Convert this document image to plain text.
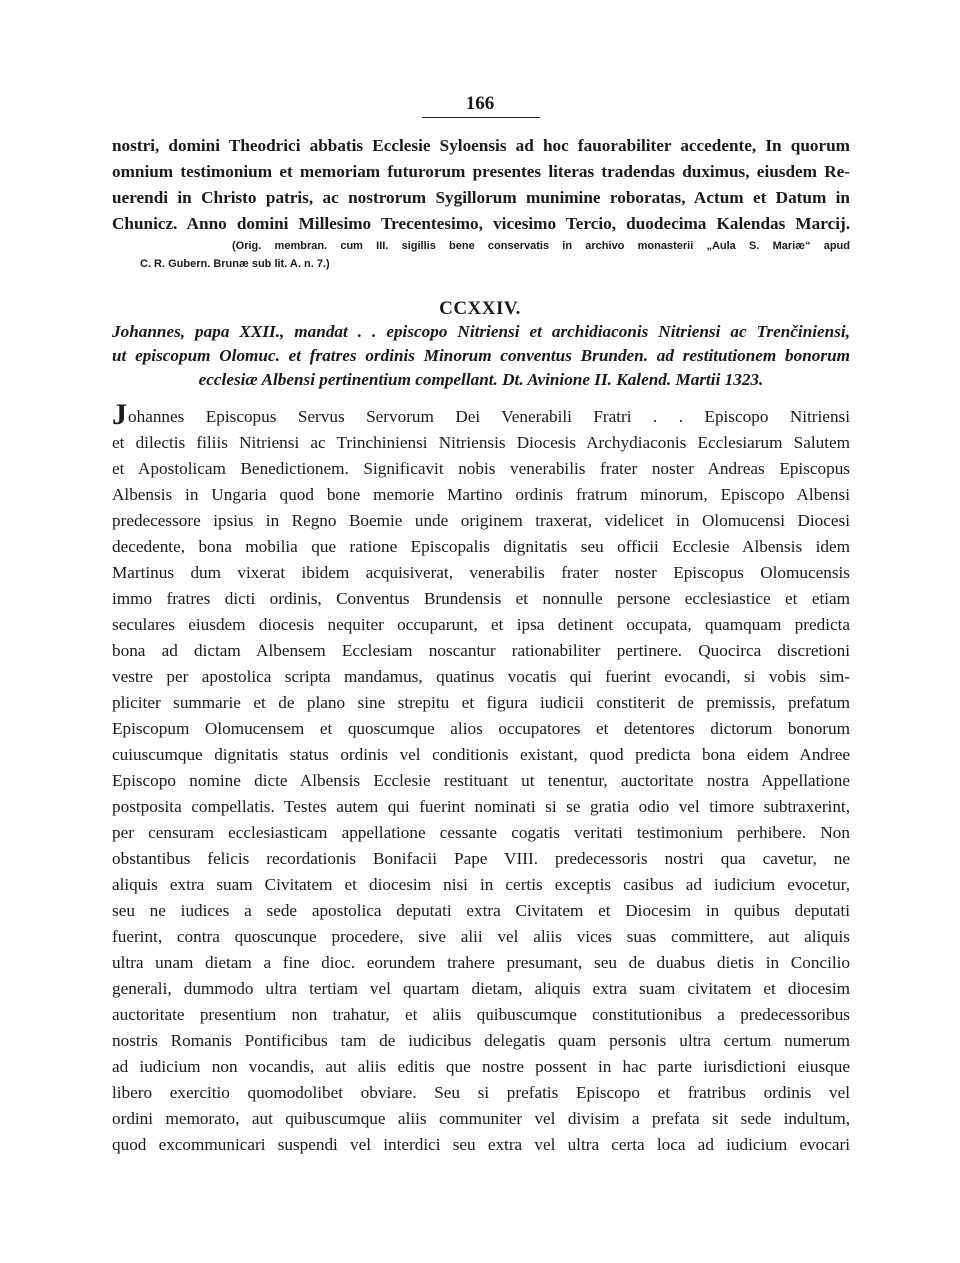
166
nostri, domini Theodrici abbatis Ecclesie Syloensis ad hoc fauorabiliter accedente, In quorum
omnium testimonium et memoriam futurorum presentes literas tradendas duximus, eiusdem Re-
uerendi in Christo patris, ac nostrorum Sygillorum munimine roboratas, Actum et Datum in
Chunicz. Anno domini Millesimo Trecentesimo, vicesimo Tercio, duodecima Kalendas Marcij.
(Orig. membran. cum III. sigillis bene conservatis in archivo monasterii „Aula S. Mariæ“ apud
C. R. Gubern. Brunæ sub lit. A. n. 7.)
CCXXIV.
Johannes, papa XXII., mandat . . episcopo Nitriensi et archidiaconis Nitriensi ac Trenčiniensi,
ut episcopum Olomuc. et fratres ordinis Minorum conventus Brunden. ad restitutionem bonorum
ecclesiæ Albensi pertinentium compellant. Dt. Avinione II. Kalend. Martii 1323.
Johannes Episcopus Servus Servorum Dei Venerabili Fratri . . Episcopo Nitriensi
et dilectis filiis Nitriensi ac Trinchiniensi Nitriensis Diocesis Archydiaconis Ecclesiarum Salutem
et Apostolicam Benedictionem. Significavit nobis venerabilis frater noster Andreas Episcopus
Albensis in Ungaria quod bone memorie Martino ordinis fratrum minorum, Episcopo Albensi
predecessore ipsius in Regno Boemie unde originem traxerat, videlicet in Olomucensi Diocesi
decedente, bona mobilia que ratione Episcopalis dignitatis seu officii Ecclesie Albensis idem
Martinus dum vixerat ibidem acquisiverat, venerabilis frater noster Episcopus Olomucensis
immo fratres dicti ordinis, Conventus Brundensis et nonnulle persone ecclesiastice et etiam
seculares eiusdem diocesis nequiter occuparunt, et ipsa detinent occupata, quamquam predicta
bona ad dictam Albensem Ecclesiam noscantur rationabiliter pertinere. Quocirca discretioni
vestre per apostolica scripta mandamus, quatinus vocatis qui fuerint evocandi, si vobis sim-
pliciter summarie et de plano sine strepitu et figura iudicii constiterit de premissis, prefatum
Episcopum Olomucensem et quoscumque alios occupatores et detentores dictorum bonorum
cuiuscumque dignitatis status ordinis vel conditionis existant, quod predicta bona eidem Andree
Episcopo nomine dicte Albensis Ecclesie restituant ut tenentur, auctoritate nostra Appellatione
postposita compellatis. Testes autem qui fuerint nominati si se gratia odio vel timore subtraxerint,
per censuram ecclesiasticam appellatione cessante cogatis veritati testimonium perhibere. Non
obstantibus felicis recordationis Bonifacii Pape VIII. predecessoris nostri qua cavetur, ne
aliquis extra suam Civitatem et diocesim nisi in certis exceptis casibus ad iudicium evocetur,
seu ne iudices a sede apostolica deputati extra Civitatem et Diocesim in quibus deputati
fuerint, contra quoscunque procedere, sive alii vel aliis vices suas committere, aut aliquis
ultra unam dietam a fine dioc. eorundem trahere presumant, seu de duabus dietis in Concilio
generali, dummodo ultra tertiam vel quartam dietam, aliquis extra suam civitatem et diocesim
auctoritate presentium non trahatur, et aliis quibuscumque constitutionibus a predecessoribus
nostris Romanis Pontificibus tam de iudicibus delegatis quam personis ultra certum numerum
ad iudicium non vocandis, aut aliis editis que nostre possent in hac parte iurisdictioni eiusque
libero exercitio quomodolibet obviare. Seu si prefatis Episcopo et fratribus ordinis vel
ordini memorato, aut quibuscumque aliis communiter vel divisim a prefata sit sede indultum,
quod excommunicari suspendi vel interdici seu extra vel ultra certa loca ad iudicium evocari
